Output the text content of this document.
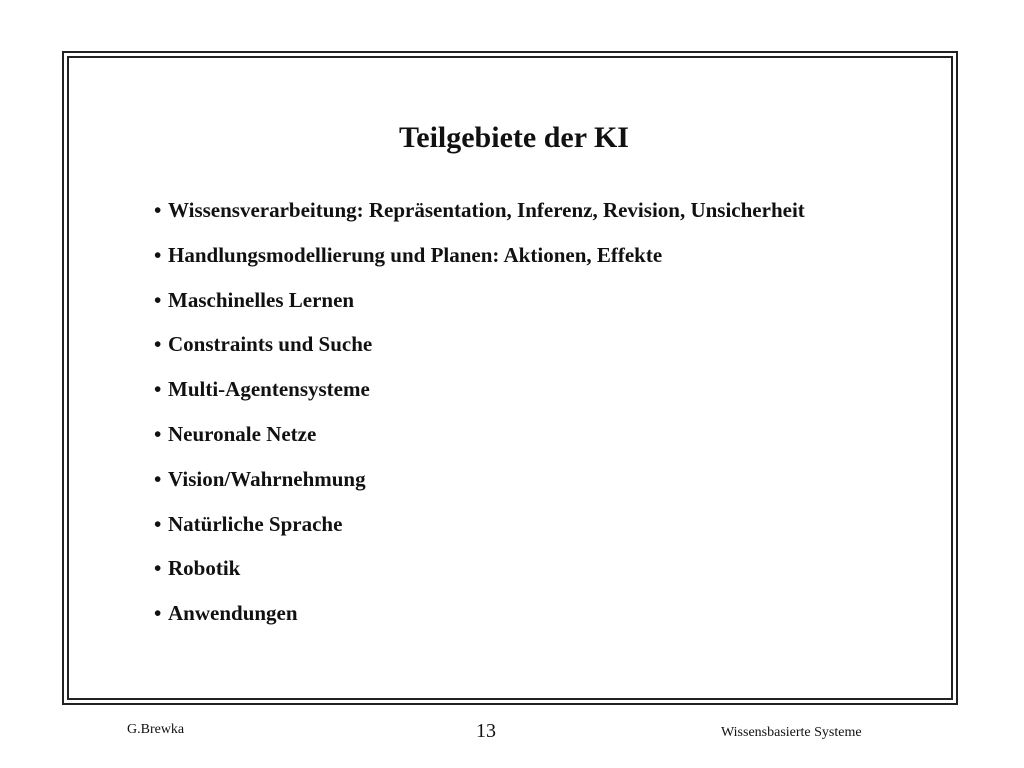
Teilgebiete der KI
• Wissensverarbeitung: Repräsentation, Inferenz, Revision, Unsicherheit
• Handlungsmodellierung und Planen: Aktionen, Effekte
• Maschinelles Lernen
• Constraints und Suche
• Multi-Agentensysteme
• Neuronale Netze
• Vision/Wahrnehmung
• Natürliche Sprache
• Robotik
• Anwendungen
G.Brewka	13	Wissensbasierte Systeme
